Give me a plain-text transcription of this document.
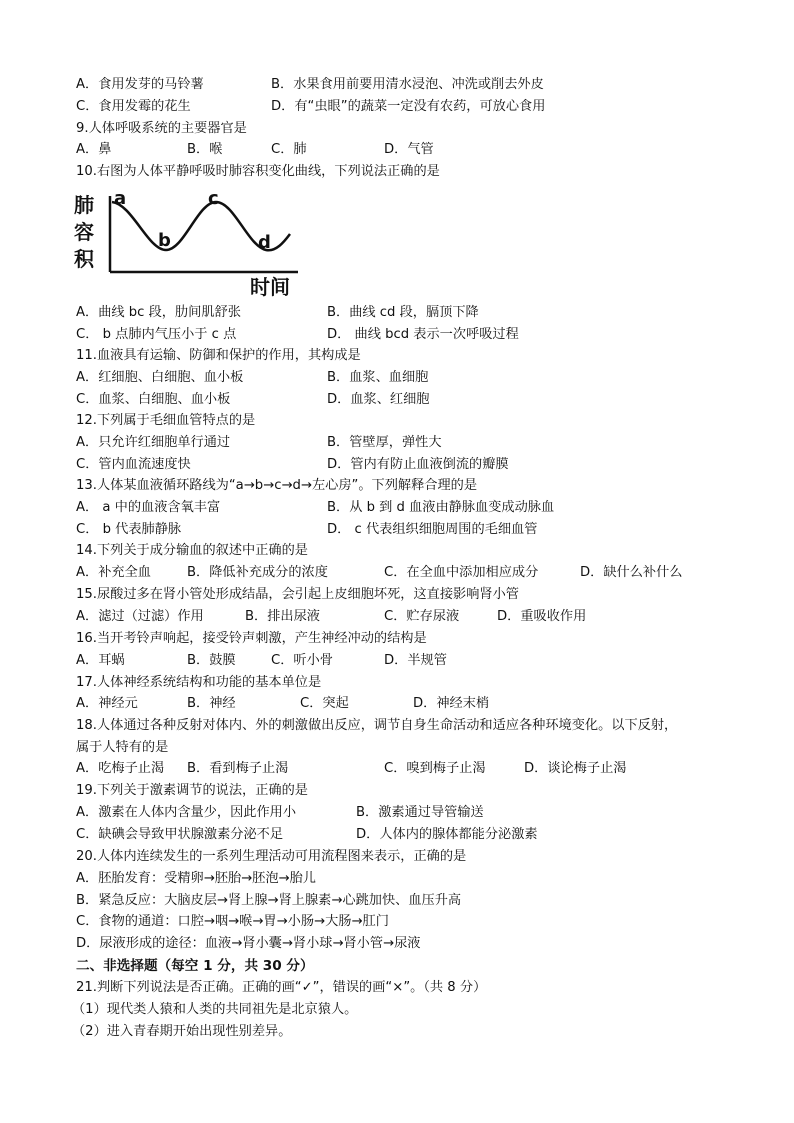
A．食用发芽的马铃薯	B．水果食用前要用清水浸泡、冲洗或削去外皮
C．食用发霉的花生	D．有“虫眼”的蔬菜一定没有农药，可放心食用
9.人体呼吸系统的主要器官是
A．鼻	B．喉	C．肺	D．气管
10.右图为人体平静呼吸时肺容积变化曲线，下列说法正确的是
肺
容
积
a
b
c
d
时间
A．曲线 bc 段，肋间肌舒张	B．曲线 cd 段，膈顶下降
C． b 点肺内气压小于 c 点	D． 曲线 bcd 表示一次呼吸过程
11.血液具有运输、防御和保护的作用，其构成是
A．红细胞、白细胞、血小板	B．血浆、血细胞
C．血浆、白细胞、血小板	D．血浆、红细胞
12.下列属于毛细血管特点的是
A．只允许红细胞单行通过	B．管壁厚，弹性大
C．管内血流速度快	D．管内有防止血液倒流的瓣膜
13.人体某血液循环路线为“a→b→c→d→左心房”。下列解释合理的是
A． a 中的血液含氧丰富	B．从 b 到 d 血液由静脉血变成动脉血
C． b 代表肺静脉	D． c 代表组织细胞周围的毛细血管
14.下列关于成分输血的叙述中正确的是
A．补充全血	B．降低补充成分的浓度	C．在全血中添加相应成分	D．缺什么补什么
15.尿酸过多在肾小管处形成结晶，会引起上皮细胞坏死，这直接影响肾小管
A．滤过（过滤）作用	B．排出尿液	C．贮存尿液	D．重吸收作用
16.当开考铃声响起，接受铃声刺激，产生神经冲动的结构是
A．耳蜗	B．鼓膜	C．听小骨	D．半规管
17.人体神经系统结构和功能的基本单位是
A．神经元	B．神经	C．突起	D．神经末梢
18.人体通过各种反射对体内、外的刺激做出反应，调节自身生命活动和适应各种环境变化。以下反射，
属于人特有的是
A．吃梅子止渴 B．看到梅子止渴	C．嗅到梅子止渴	D．谈论梅子止渴
19.下列关于激素调节的说法，正确的是
A．激素在人体内含量少，因此作用小	B．激素通过导管输送
C．缺碘会导致甲状腺激素分泌不足	D．人体内的腺体都能分泌激素
20.人体内连续发生的一系列生理活动可用流程图来表示，正确的是
A．胚胎发育：受精卵→胚胎→胚泡→胎儿
B．紧急反应：大脑皮层→肾上腺→肾上腺素→心跳加快、血压升高
C．食物的通道：口腔→咽→喉→胃→小肠→大肠→肛门
D．尿液形成的途径：血液→肾小囊→肾小球→肾小管→尿液
二、非选择题（每空 1 分，共 30 分）
21.判断下列说法是否正确。正确的画“✓”，错误的画“×”。（共 8 分）
（1）现代类人猿和人类的共同祖先是北京猿人。
（2）进入青春期开始出现性别差异。
